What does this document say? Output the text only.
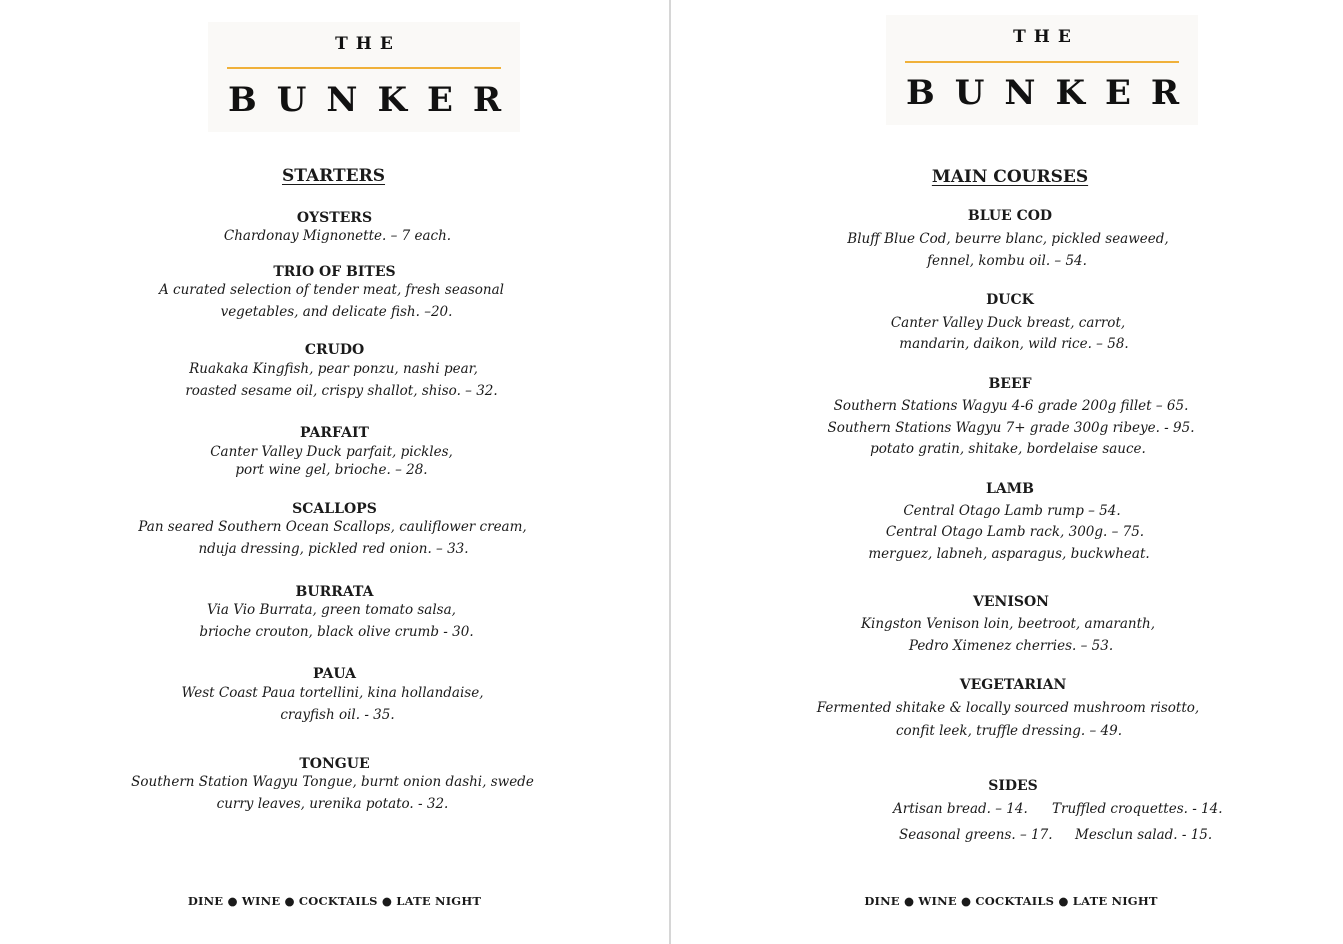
THE
BUNKER
STARTERS
OYSTERS
Chardonay Mignonette. – 7 each.
TRIO OF BITES
A curated selection of tender meat, fresh seasonal
vegetables, and delicate fish. –20.
CRUDO
Ruakaka Kingfish, pear ponzu, nashi pear,
roasted sesame oil, crispy shallot, shiso. – 32.
PARFAIT
Canter Valley Duck parfait, pickles,
port wine gel, brioche. – 28.
SCALLOPS
Pan seared Southern Ocean Scallops, cauliflower cream,
nduja dressing, pickled red onion. – 33.
BURRATA
Via Vio Burrata, green tomato salsa,
brioche crouton, black olive crumb - 30.
PAUA
West Coast Paua tortellini, kina hollandaise,
crayfish oil. - 35.
TONGUE
Southern Station Wagyu Tongue, burnt onion dashi, swede
curry leaves, urenika potato. - 32.
DINE ● WINE ● COCKTAILS ● LATE NIGHT
THE
BUNKER
MAIN COURSES
BLUE COD
Bluff Blue Cod, beurre blanc, pickled seaweed,
fennel, kombu oil. – 54.
DUCK
Canter Valley Duck breast, carrot,
mandarin, daikon, wild rice. – 58.
BEEF
Southern Stations Wagyu 4-6 grade 200g fillet – 65.
Southern Stations Wagyu 7+ grade 300g ribeye. - 95.
potato gratin, shitake, bordelaise sauce.
LAMB
Central Otago Lamb rump – 54.
Central Otago Lamb rack, 300g. – 75.
merguez, labneh, asparagus, buckwheat.
VENISON
Kingston Venison loin, beetroot, amaranth,
Pedro Ximenez cherries. – 53.
VEGETARIAN
Fermented shitake & locally sourced mushroom risotto,
confit leek, truffle dressing. – 49.
SIDES
Artisan bread. – 14. Truffled croquettes. - 14.
Seasonal greens. – 17. Mesclun salad. - 15.
DINE ● WINE ● COCKTAILS ● LATE NIGHT
